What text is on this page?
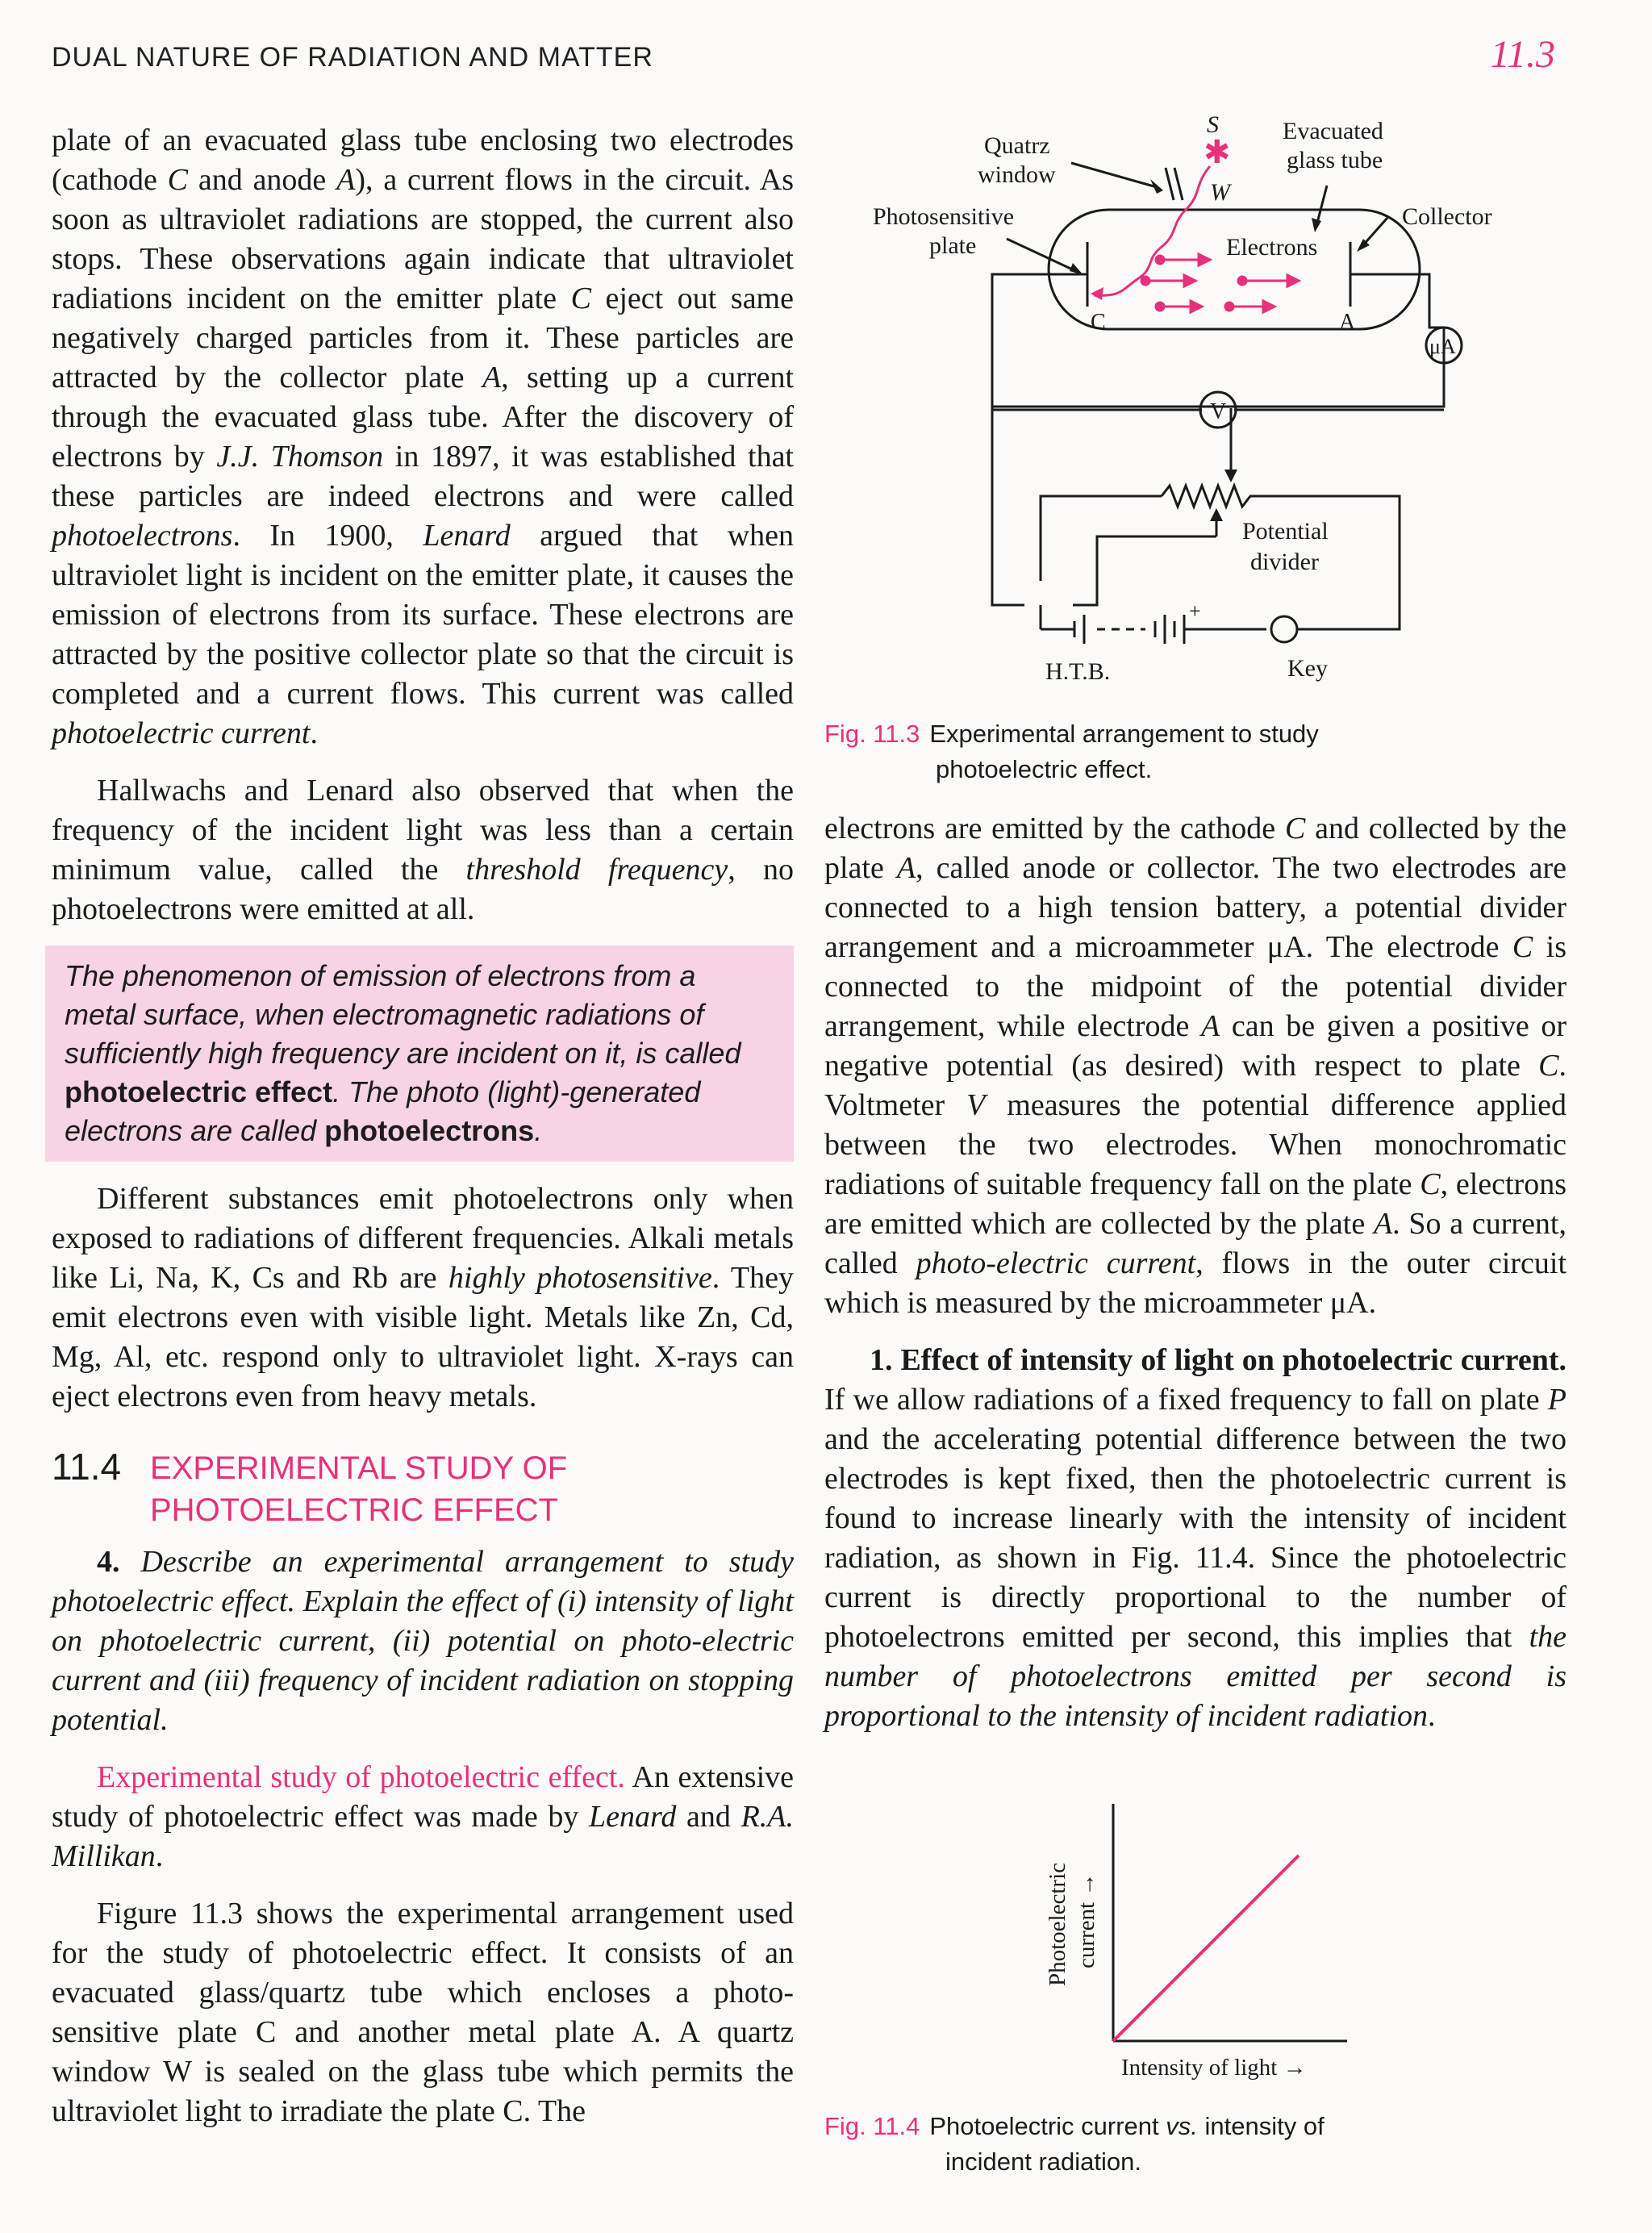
DUAL NATURE OF RADIATION AND MATTER	11.3

plate of an evacuated glass tube enclosing two electrodes (cathode C and anode A), a current flows in the circuit. As soon as ultraviolet radiations are stopped, the current also stops. These observations again indicate that ultraviolet radiations incident on the emitter plate C eject out same negatively charged particles from it. These particles are attracted by the collector plate A, setting up a current through the evacuated glass tube. After the discovery of electrons by J.J. Thomson in 1897, it was established that these particles are indeed electrons and were called photoelectrons. In 1900, Lenard argued that when ultraviolet light is incident on the emitter plate, it causes the emission of electrons from its surface. These electrons are attracted by the positive collector plate so that the circuit is completed and a current flows. This current was called photoelectric current.

Hallwachs and Lenard also observed that when the frequency of the incident light was less than a certain minimum value, called the threshold frequency, no photoelectrons were emitted at all.

The phenomenon of emission of electrons from a metal surface, when electromagnetic radiations of sufficiently high frequency are incident on it, is called photoelectric effect. The photo (light)-generated electrons are called photoelectrons.

Different substances emit photoelectrons only when exposed to radiations of different frequencies. Alkali metals like Li, Na, K, Cs and Rb are highly photosensitive. They emit electrons even with visible light. Metals like Zn, Cd, Mg, Al, etc. respond only to ultraviolet light. X-rays can eject electrons even from heavy metals.

11.4 EXPERIMENTAL STUDY OF
PHOTOELECTRIC EFFECT

4. Describe an experimental arrangement to study photoelectric effect. Explain the effect of (i) intensity of light on photoelectric current, (ii) potential on photo-electric current and (iii) frequency of incident radiation on stopping potential.

Experimental study of photoelectric effect. An extensive study of photoelectric effect was made by Lenard and R.A. Millikan.

Figure 11.3 shows the experimental arrangement used for the study of photoelectric effect. It consists of an evacuated glass/quartz tube which encloses a photo- sensitive plate C and another metal plate A. A quartz window W is sealed on the glass tube which permits the ultraviolet light to irradiate the plate C. The

S
✱
W
Quatrz
window
Evacuated
glass tube
Photosensitive
plate
Collector
Electrons
C	A
μA
V
Potential
divider
+
H.T.B.	Key
Fig. 11.3 Experimental arrangement to study
photoelectric effect.

electrons are emitted by the cathode C and collected by the plate A, called anode or collector. The two electrodes are connected to a high tension battery, a potential divider arrangement and a microammeter μA. The electrode C is connected to the midpoint of the potential divider arrangement, while electrode A can be given a positive or negative potential (as desired) with respect to plate C. Voltmeter V measures the potential difference applied between the two electrodes. When monochromatic radiations of suitable frequency fall on the plate C, electrons are emitted which are collected by the plate A. So a current, called photo-electric current, flows in the outer circuit which is measured by the microammeter μA.

1. Effect of intensity of light on photoelectric current. If we allow radiations of a fixed frequency to fall on plate P and the accelerating potential difference between the two electrodes is kept fixed, then the photoelectric current is found to increase linearly with the intensity of incident radiation, as shown in Fig. 11.4. Since the photoelectric current is directly proportional to the number of photoelectrons emitted per second, this implies that the number of photoelectrons emitted per second is proportional to the intensity of incident radiation.

Photoelectric current →
Intensity of light →
Fig. 11.4 Photoelectric current vs. intensity of
incident radiation.
